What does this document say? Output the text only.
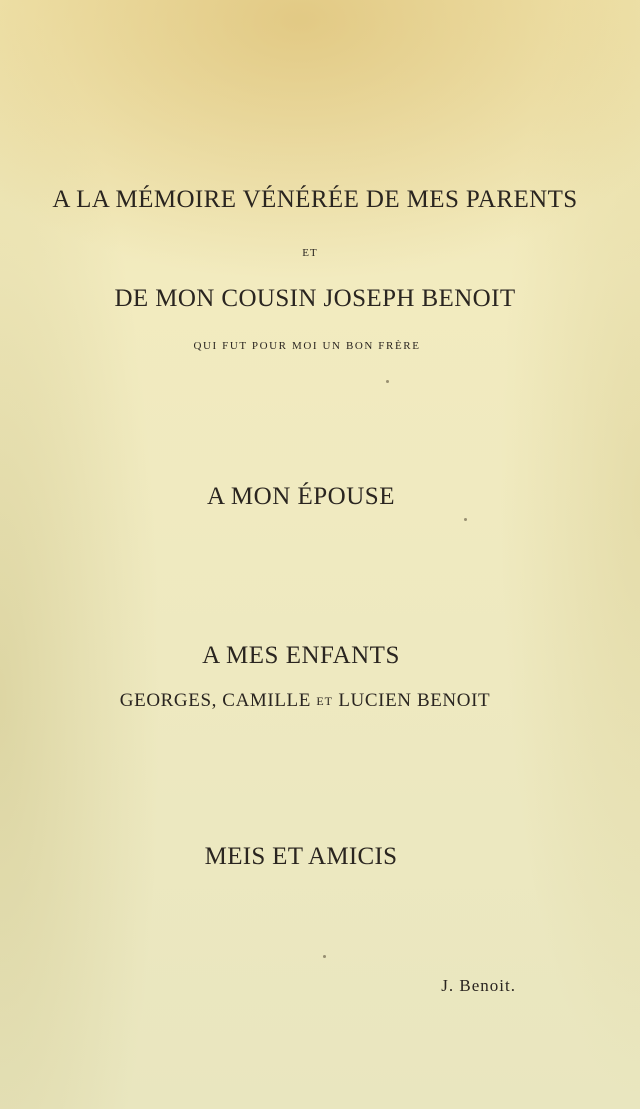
A LA MÉMOIRE VÉNÉRÉE DE MES PARENTS

ET

DE MON COUSIN JOSEPH BENOIT

QUI FUT POUR MOI UN BON FRÈRE

A MON ÉPOUSE

A MES ENFANTS

GEORGES, CAMILLE ET LUCIEN BENOIT

MEIS ET AMICIS

J. Benoit.
